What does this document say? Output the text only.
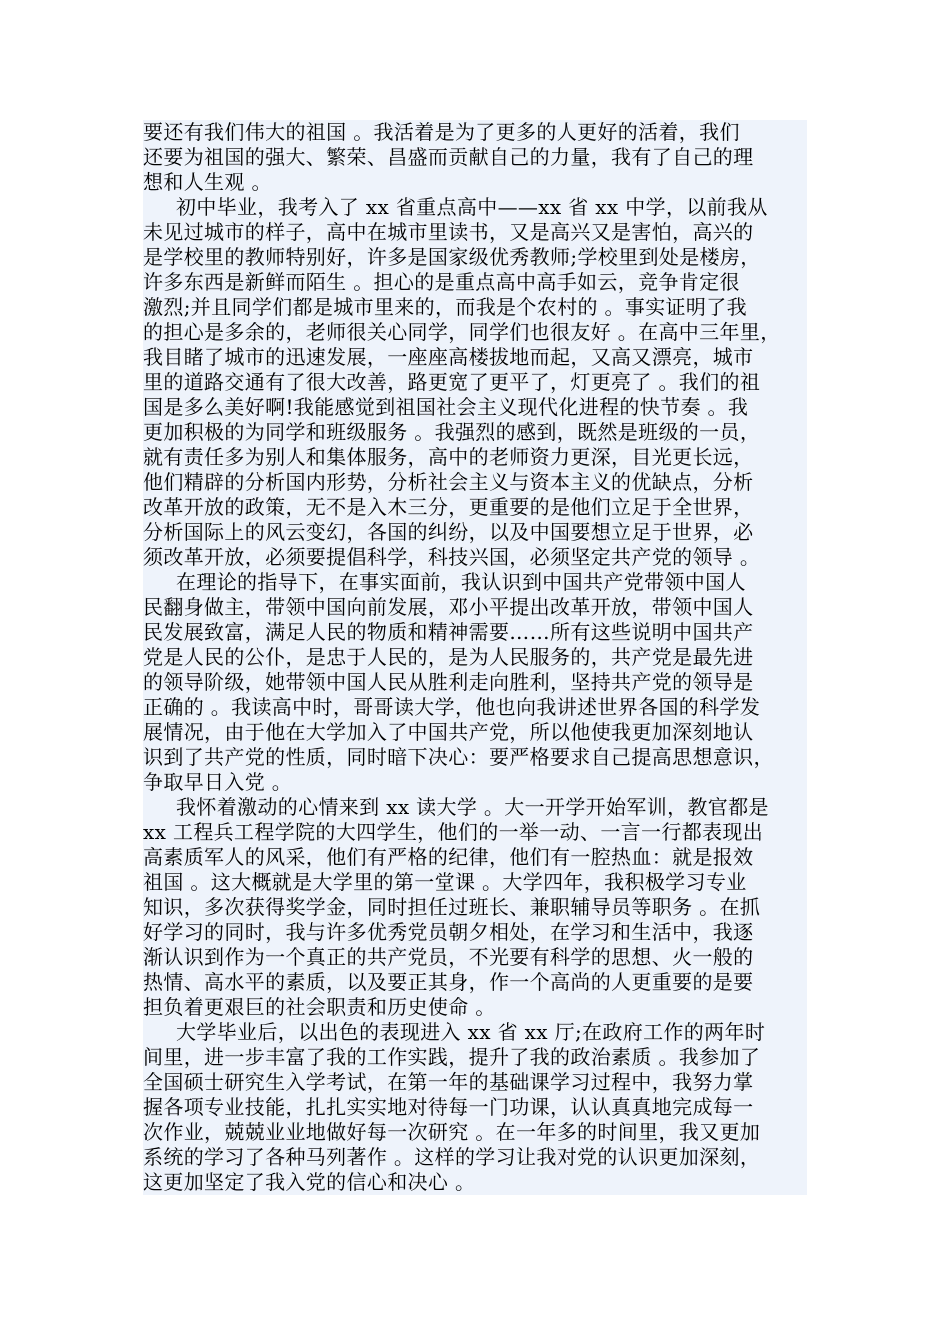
要还有我们伟大的祖国 。我活着是为了更多的人更好的活着，我们
还要为祖国的强大、繁荣、昌盛而贡献自己的力量，我有了自己的理
想和人生观 。
初中毕业，我考入了 xx 省重点高中——xx 省 xx 中学，以前我从
未见过城市的样子，高中在城市里读书，又是高兴又是害怕，高兴的
是学校里的教师特别好，许多是国家级优秀教师;学校里到处是楼房，
许多东西是新鲜而陌生 。担心的是重点高中高手如云，竞争肯定很
激烈;并且同学们都是城市里来的，而我是个农村的 。事实证明了我
的担心是多余的，老师很关心同学，同学们也很友好 。在高中三年里，
我目睹了城市的迅速发展，一座座高楼拔地而起，又高又漂亮，城市
里的道路交通有了很大改善，路更宽了更平了，灯更亮了 。我们的祖
国是多么美好啊!我能感觉到祖国社会主义现代化进程的快节奏 。我
更加积极的为同学和班级服务 。我强烈的感到，既然是班级的一员，
就有责任多为别人和集体服务，高中的老师资力更深，目光更长远，
他们精辟的分析国内形势，分析社会主义与资本主义的优缺点，分析
改革开放的政策，无不是入木三分，更重要的是他们立足于全世界，
分析国际上的风云变幻，各国的纠纷，以及中国要想立足于世界，必
须改革开放，必须要提倡科学，科技兴国，必须坚定共产党的领导 。
在理论的指导下，在事实面前，我认识到中国共产党带领中国人
民翻身做主，带领中国向前发展，邓小平提出改革开放，带领中国人
民发展致富，满足人民的物质和精神需要……所有这些说明中国共产
党是人民的公仆，是忠于人民的，是为人民服务的，共产党是最先进
的领导阶级，她带领中国人民从胜利走向胜利，坚持共产党的领导是
正确的 。我读高中时，哥哥读大学，他也向我讲述世界各国的科学发
展情况，由于他在大学加入了中国共产党，所以他使我更加深刻地认
识到了共产党的性质，同时暗下决心：要严格要求自己提高思想意识，
争取早日入党 。
我怀着激动的心情来到 xx 读大学 。大一开学开始军训，教官都是
xx 工程兵工程学院的大四学生，他们的一举一动、一言一行都表现出
高素质军人的风采，他们有严格的纪律，他们有一腔热血：就是报效
祖国 。这大概就是大学里的第一堂课 。大学四年，我积极学习专业
知识，多次获得奖学金，同时担任过班长、兼职辅导员等职务 。在抓
好学习的同时，我与许多优秀党员朝夕相处，在学习和生活中，我逐
渐认识到作为一个真正的共产党员，不光要有科学的思想、火一般的
热情、高水平的素质，以及要正其身，作一个高尚的人更重要的是要
担负着更艰巨的社会职责和历史使命 。
大学毕业后，以出色的表现进入 xx 省 xx 厅;在政府工作的两年时
间里，进一步丰富了我的工作实践，提升了我的政治素质 。我参加了
全国硕士研究生入学考试，在第一年的基础课学习过程中，我努力掌
握各项专业技能，扎扎实实地对待每一门功课，认认真真地完成每一
次作业，兢兢业业地做好每一次研究 。在一年多的时间里，我又更加
系统的学习了各种马列著作 。这样的学习让我对党的认识更加深刻，
这更加坚定了我入党的信心和决心 。
